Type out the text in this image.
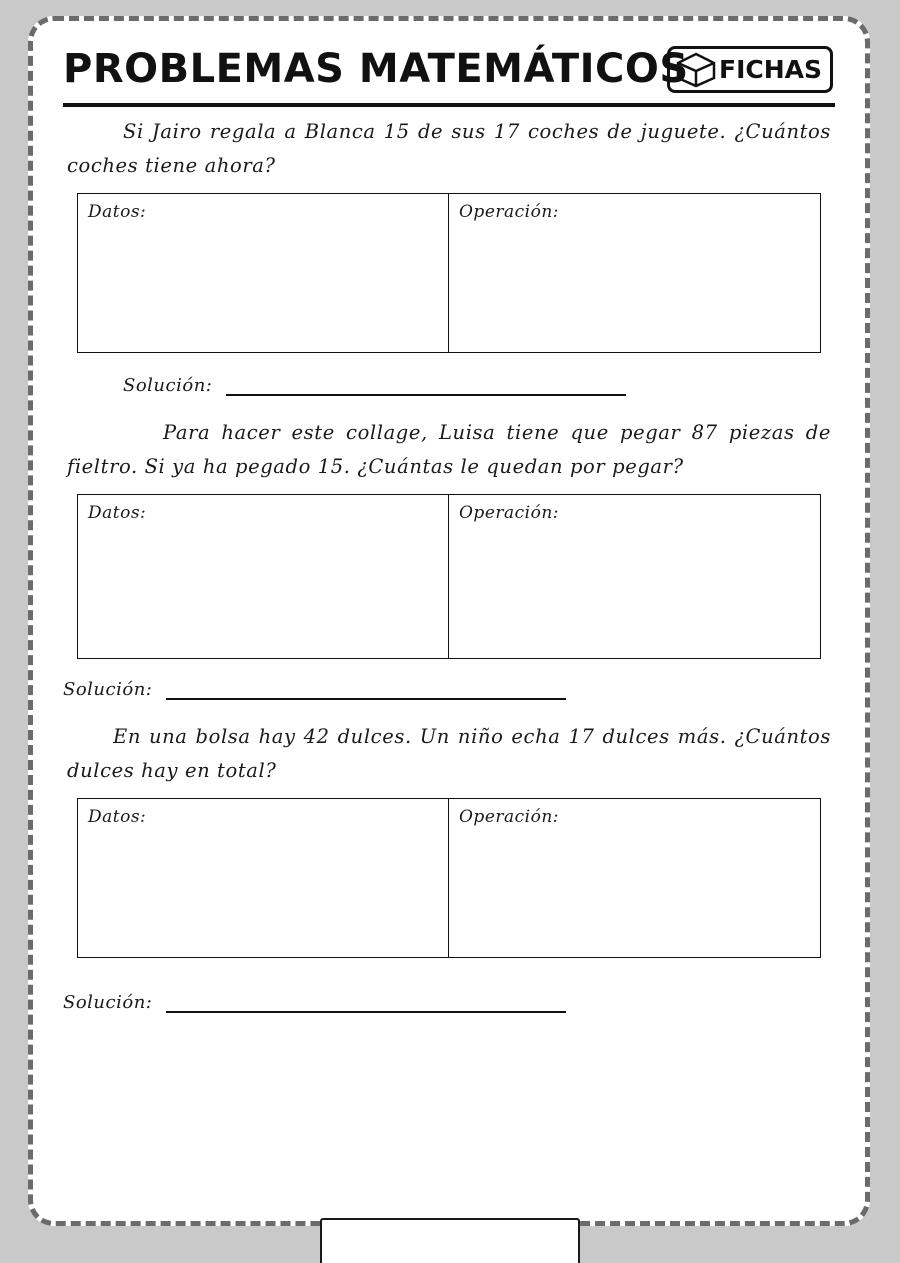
PROBLEMAS MATEMÁTICOS	FICHAS
Si Jairo regala a Blanca 15 de sus 17 coches de juguete. ¿Cuántos coches tiene ahora?
Datos:	Operación:
Solución:
Para hacer este collage, Luisa tiene que pegar 87 piezas de fieltro. Si ya ha pegado 15. ¿Cuántas le quedan por pegar?
Datos:	Operación:
Solución:
En una bolsa hay 42 dulces. Un niño echa 17 dulces más. ¿Cuántos dulces hay en total?
Datos:	Operación:
Solución:
